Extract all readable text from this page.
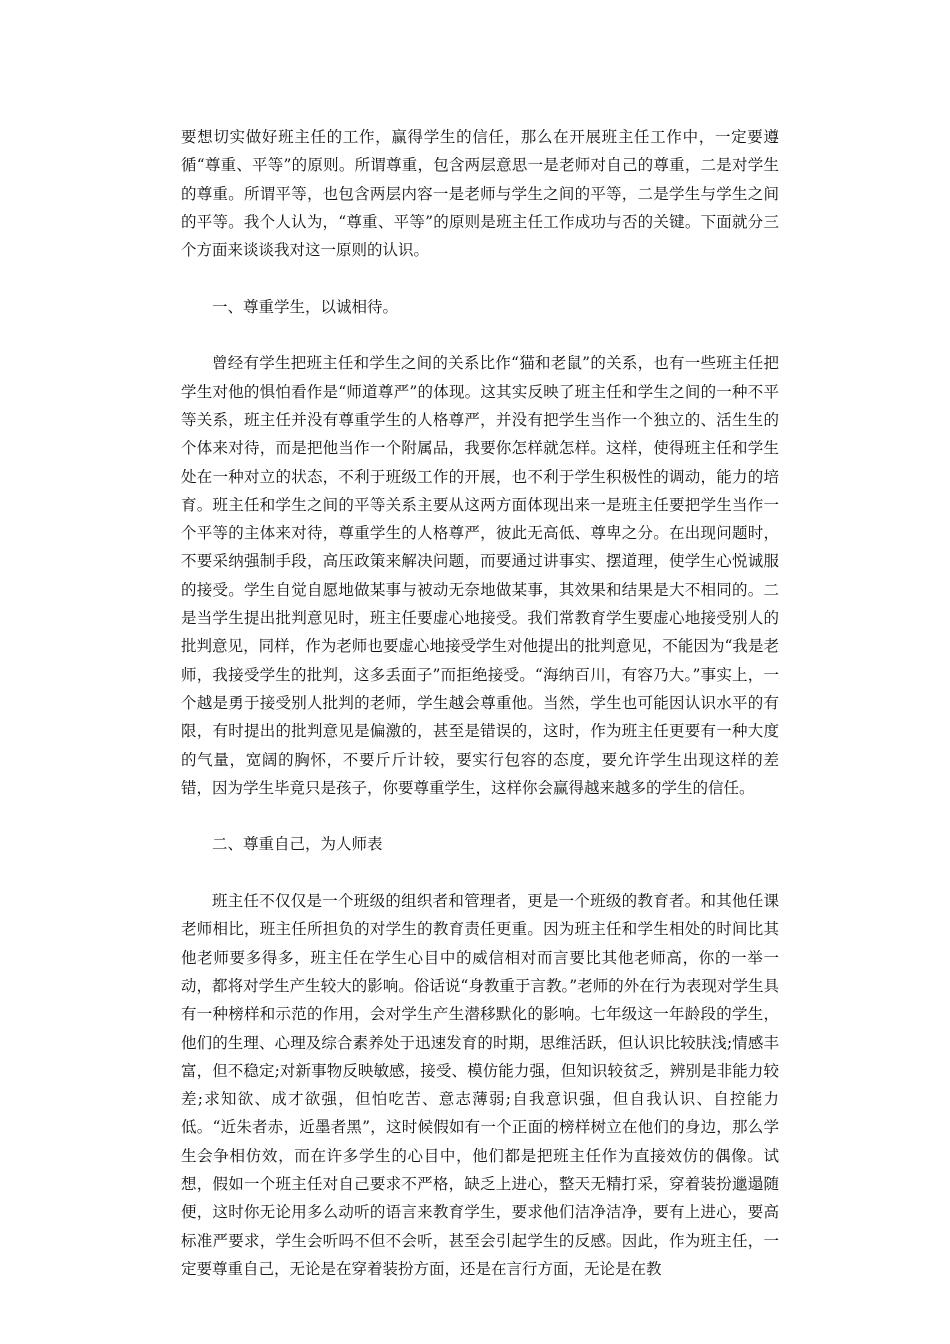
要想切实做好班主任的工作，赢得学生的信任，那么在开展班主任工作中，一定要遵循“尊重、平等”的原则。所谓尊重，包含两层意思一是老师对自己的尊重，二是对学生的尊重。所谓平等，也包含两层内容一是老师与学生之间的平等，二是学生与学生之间的平等。我个人认为，“尊重、平等”的原则是班主任工作成功与否的关键。下面就分三个方面来谈谈我对这一原则的认识。

一、尊重学生，以诚相待。

曾经有学生把班主任和学生之间的关系比作“猫和老鼠”的关系，也有一些班主任把学生对他的惧怕看作是“师道尊严”的体现。这其实反映了班主任和学生之间的一种不平等关系，班主任并没有尊重学生的人格尊严，并没有把学生当作一个独立的、活生生的个体来对待，而是把他当作一个附属品，我要你怎样就怎样。这样，使得班主任和学生处在一种对立的状态，不利于班级工作的开展，也不利于学生积极性的调动，能力的培育。班主任和学生之间的平等关系主要从这两方面体现出来一是班主任要把学生当作一个平等的主体来对待，尊重学生的人格尊严，彼此无高低、尊卑之分。在出现问题时，不要采纳强制手段，高压政策来解决问题，而要通过讲事实、摆道理，使学生心悦诚服的接受。学生自觉自愿地做某事与被动无奈地做某事，其效果和结果是大不相同的。二是当学生提出批判意见时，班主任要虚心地接受。我们常教育学生要虚心地接受别人的批判意见，同样，作为老师也要虚心地接受学生对他提出的批判意见，不能因为“我是老师，我接受学生的批判，这多丢面子”而拒绝接受。“海纳百川，有容乃大。”事实上，一个越是勇于接受别人批判的老师，学生越会尊重他。当然，学生也可能因认识水平的有限，有时提出的批判意见是偏激的，甚至是错误的，这时，作为班主任更要有一种大度的气量，宽阔的胸怀，不要斤斤计较，要实行包容的态度，要允许学生出现这样的差错，因为学生毕竟只是孩子，你要尊重学生，这样你会赢得越来越多的学生的信任。

二、尊重自己，为人师表

班主任不仅仅是一个班级的组织者和管理者，更是一个班级的教育者。和其他任课老师相比，班主任所担负的对学生的教育责任更重。因为班主任和学生相处的时间比其他老师要多得多，班主任在学生心目中的威信相对而言要比其他老师高，你的一举一动，都将对学生产生较大的影响。俗话说“身教重于言教。”老师的外在行为表现对学生具有一种榜样和示范的作用，会对学生产生潜移默化的影响。七年级这一年龄段的学生，他们的生理、心理及综合素养处于迅速发育的时期，思维活跃，但认识比较肤浅;情感丰富，但不稳定;对新事物反映敏感，接受、模仿能力强，但知识较贫乏，辨别是非能力较差;求知欲、成才欲强，但怕吃苦、意志薄弱;自我意识强，但自我认识、自控能力低。“近朱者赤，近墨者黑”，这时候假如有一个正面的榜样树立在他们的身边，那么学生会争相仿效，而在许多学生的心目中，他们都是把班主任作为直接效仿的偶像。试想，假如一个班主任对自己要求不严格，缺乏上进心，整天无精打采，穿着装扮邋遢随便，这时你无论用多么动听的语言来教育学生，要求他们洁净洁净，要有上进心，要高标准严要求，学生会听吗不但不会听，甚至会引起学生的反感。因此，作为班主任，一定要尊重自己，无论是在穿着装扮方面，还是在言行方面，无论是在教
